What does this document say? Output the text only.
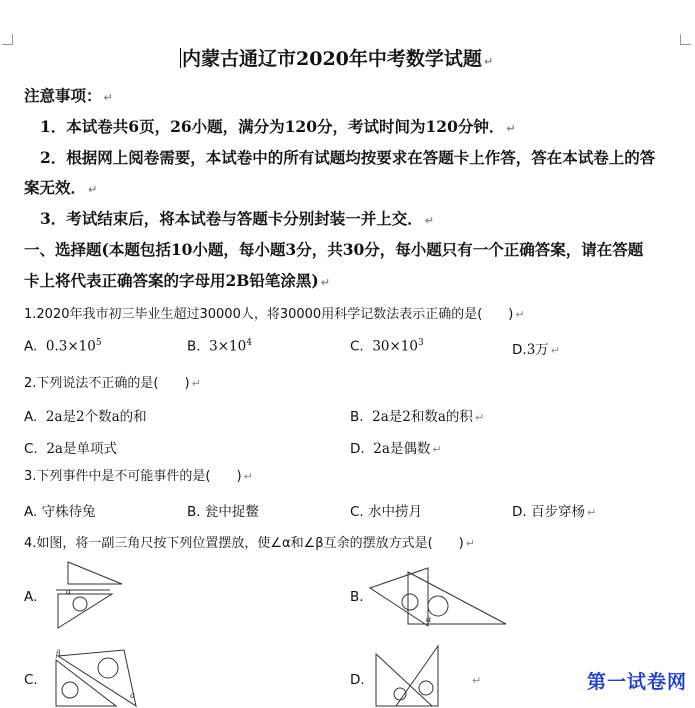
内蒙古通辽市2020年中考数学试题 ↵
注意事项： ↵
1．本试卷共6页，26小题，满分为120分，考试时间为120分钟． ↵
2．根据网上阅卷需要，本试卷中的所有试题均按要求在答题卡上作答，答在本试卷上的答
案无效． ↵
3．考试结束后，将本试卷与答题卡分别封装一并上交． ↵
一、选择题(本题包括10小题，每小题3分，共30分，每小题只有一个正确答案，请在答题
卡上将代表正确答案的字母用2B铅笔涂黑) ↵
1.2020年我市初三毕业生超过30000人，将30000用科学记数法表示正确的是(　　) ↵
A. $0.3\times 10^5$	B. $3\times 10^4$	C. $30\times 10^3$	D.3万 ↵
2.下列说法不正确的是(　　) ↵
A. 2a是2个数a的和	B. 2a是2和数a的积 ↵
C. 2a是单项式	D. 2a是偶数 ↵
3.下列事件中是不可能事件的是(　　) ↵
A. 守株待兔	B. 瓮中捉鳖	C. 水中捞月	D. 百步穿杨 ↵
4.如图，将一副三角尺按下列位置摆放，使∠α和∠β互余的摆放方式是(　　) ↵
A.	α	B.
α
C.
β
α
D.	↵	第一试卷网
